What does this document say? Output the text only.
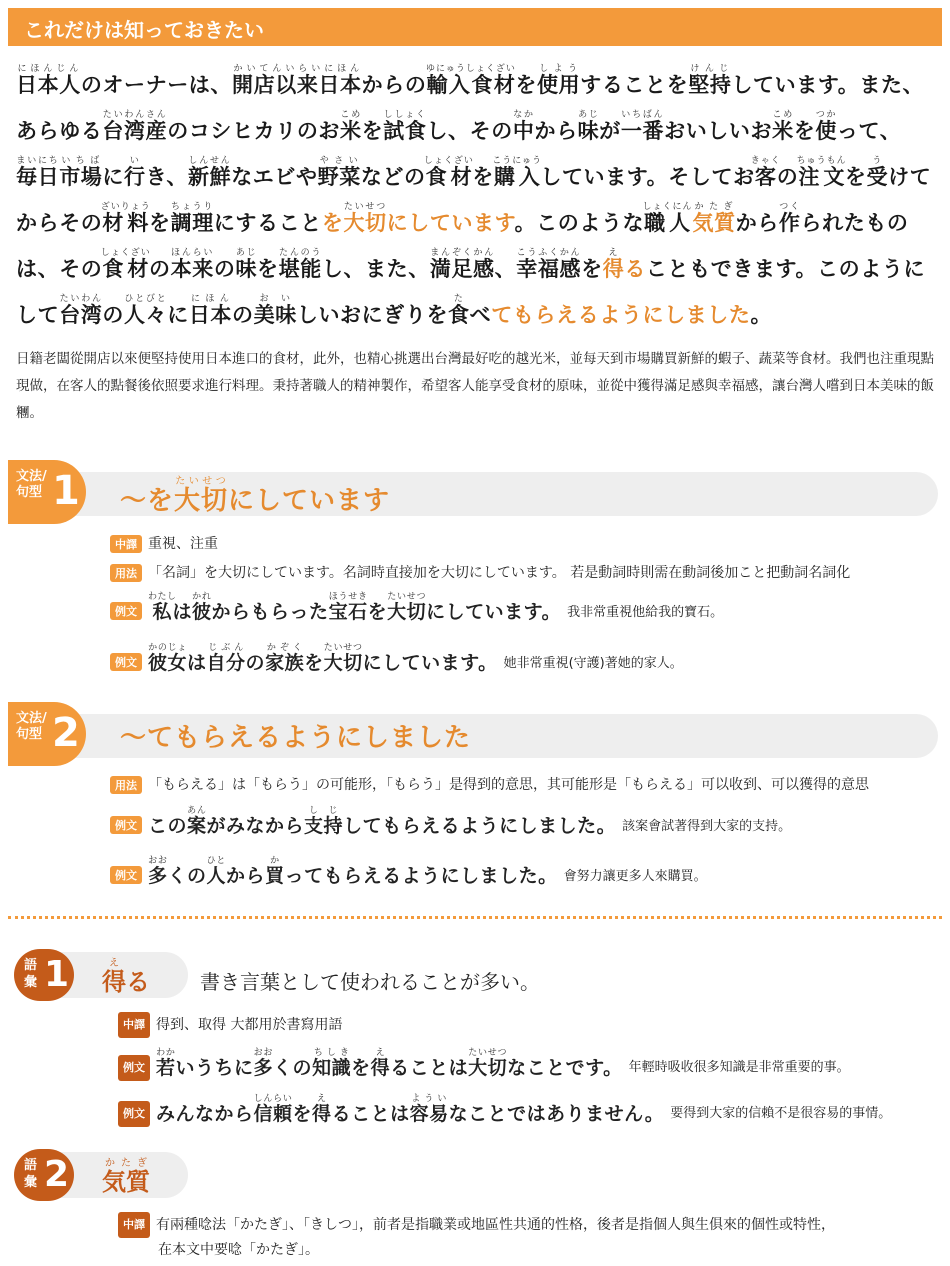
これだけは知っておきたい
日本人にほんじんのオーナーは、開店以来日本かいてんいらいにほんからの輸入食材ゆにゅうしょくざいを使用しようすることを堅持けんじしています。また、あらゆる台湾産たいわんさんのコシヒカリのお米こめを試食ししょくし、その中なかから味あじが一番いちばんおいしいお米こめを使つかって、毎日まいにち市場いちばに行いき、新鮮しんせんなエビや野菜やさいなどの食材しょくざいを購入こうにゅうしています。そしてお客きゃくの注文ちゅうもんを受うけてからその材料ざいりょうを調理ちょうりにすることを大切たいせつにしています。このような職人しょくにん気質かたぎから作つくられたものは、その食材しょくざいの本来ほんらいの味あじを堪能たんのうし、また、満足感まんぞくかん、幸福感こうふくかんを得えることもできます。このようにして台湾たいわんの人々ひとびとに日本にほんの美味おいしいおにぎりを食たべてもらえるようにしました。
日籍老闆從開店以來便堅持使用日本進口的食材，此外，也精心挑選出台灣最好吃的越光米，並每天到市場購買新鮮的蝦子、蔬菜等食材。我們也注重現點現做，在客人的點餐後依照要求進行料理。秉持著職人的精神製作，希望客人能享受食材的原味，並從中獲得滿足感與幸福感，讓台灣人嚐到日本美味的飯糰。
文法/
句型 1 〜を大切たいせつにしています
中譯 重視、注重
用法 「名詞」を大切にしています。名詞時直接加を大切にしています。 若是動詞時則需在動詞後加こと把動詞名詞化
例文 私わたしは彼かれからもらった宝石ほうせきを大切たいせつにしています。 我非常重視他給我的寶石。
例文 彼女かのじょは自分じぶんの家族かぞくを大切たいせつにしています。 她非常重視(守護)著她的家人。
文法/
句型 2 〜てもらえるようにしました
用法 「もらえる」は「もらう」の可能形，「もらう」是得到的意思，其可能形是「もらえる」可以收到、可以獲得的意思
例文 この案あんがみなから支持しじしてもらえるようにしました。 該案會試著得到大家的支持。
例文 多おおくの人ひとから買かってもらえるようにしました。 會努力讓更多人來購買。
語
彙 1 得える	書き言葉として使われることが多い。
中譯 得到、取得 大都用於書寫用語
例文 若わかいうちに多おおくの知識ちしきを得えることは大切たいせつなことです。 年輕時吸收很多知識是非常重要的事。
例文 みんなから信頼しんらいを得えることは容易よういなことではありません。 要得到大家的信賴不是很容易的事情。
語
彙 2 気質かたぎ
中譯 有兩種唸法「かたぎ」、「きしつ」，前者是指職業或地區性共通的性格，後者是指個人與生俱來的個性或特性，
在本文中要唸「かたぎ」。
